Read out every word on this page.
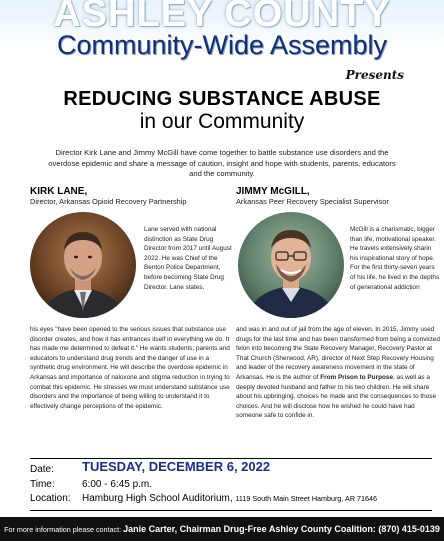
ASHLEY COUNTY
Community-Wide Assembly
Presents
REDUCING SUBSTANCE ABUSE
in our Community
Director Kirk Lane and Jimmy McGill have come together to battle substance use disorders and the overdose epidemic and share a message of caution, insight and hope with students, parents, educators and the community.
KIRK LANE,
Director, Arkansas Opioid Recovery Partnership
Lane served with national distinction as State Drug Director from 2017 until August 2022. He was Chief of the Benton Police Department, before becoming State Drug Director. Lane states,
his eyes "have been opened to the serious issues that substance use disorder creates, and how it has entrances itself in everything we do. It has made me determined to defeat it." He wants students, parents and educators to understand drug trends and the danger of use in a synthetic drug environment. He will describe the overdose epidemic in Arkansas and importance of naloxone and stigma reduction in trying to combat this epidemic. He stresses we must understand substance use disorders and the importance of being willing to understand it to effectively change perceptions of the epidemic.
JIMMY McGILL,
Arkansas Peer Recovery Specialist Supervisor
McGill is a charismatic, bigger than life, motivational speaker. He travels extensively sharin his inspirational story of hope. For the first thirty-seven years of his life, he lived in the depths of generational addiction
and was in and out of jail from the age of eleven. In 2015, Jimmy used drugs for the last time and has been transformed from being a convicted felon into becoming the State Recovery Manager, Recovery Pastor at That Church (Sherwood, AR), director of Next Step Recovery Housing and leader of the recovery awareness movement in the state of Arkansas. He is the author of From Prison to Purpose, as well as a deeply devoted husband and father to his two children. He will share about his upbringing, choices he made and the consequences to those choices. And he will disclose how he wished he could have had someone safe to confide in.
Date: TUESDAY, DECEMBER 6, 2022
Time:	6:00 - 6:45 p.m.
Location: Hamburg High School Auditorium, 1119 South Main Street Hamburg, AR 71646
For more information please contact: Janie Carter, Chairman Drug-Free Ashley County Coalition: (870) 415-0139
